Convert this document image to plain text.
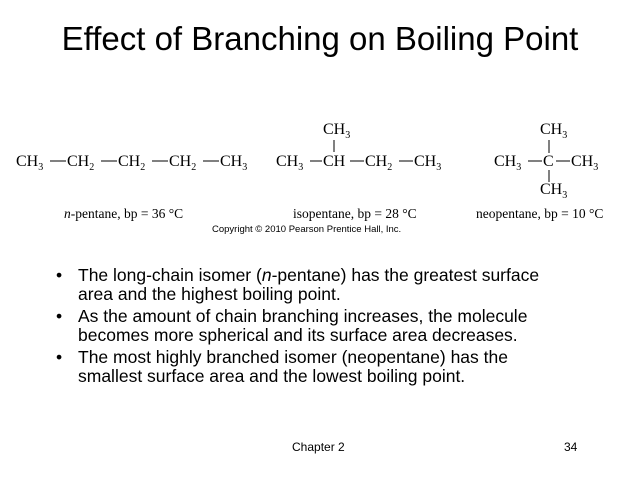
Effect of Branching on Boiling Point
$CH_3$ $CH_2$ $CH_2$ $CH_2$ $CH_3$
n-pentane, bp = 36 °C
$CH_3$
$CH_3$ CH $CH_2$ $CH_3$
isopentane, bp = 28 °C
$CH_3$
$CH_3$ C $CH_3$
$CH_3$
neopentane, bp = 10 °C
Copyright © 2010 Pearson Prentice Hall, Inc.
• The long-chain isomer (n-pentane) has the greatest surface area and the highest boiling point.
• As the amount of chain branching increases, the molecule becomes more spherical and its surface area decreases.
• The most highly branched isomer (neopentane) has the smallest surface area and the lowest boiling point.
Chapter 2	34
